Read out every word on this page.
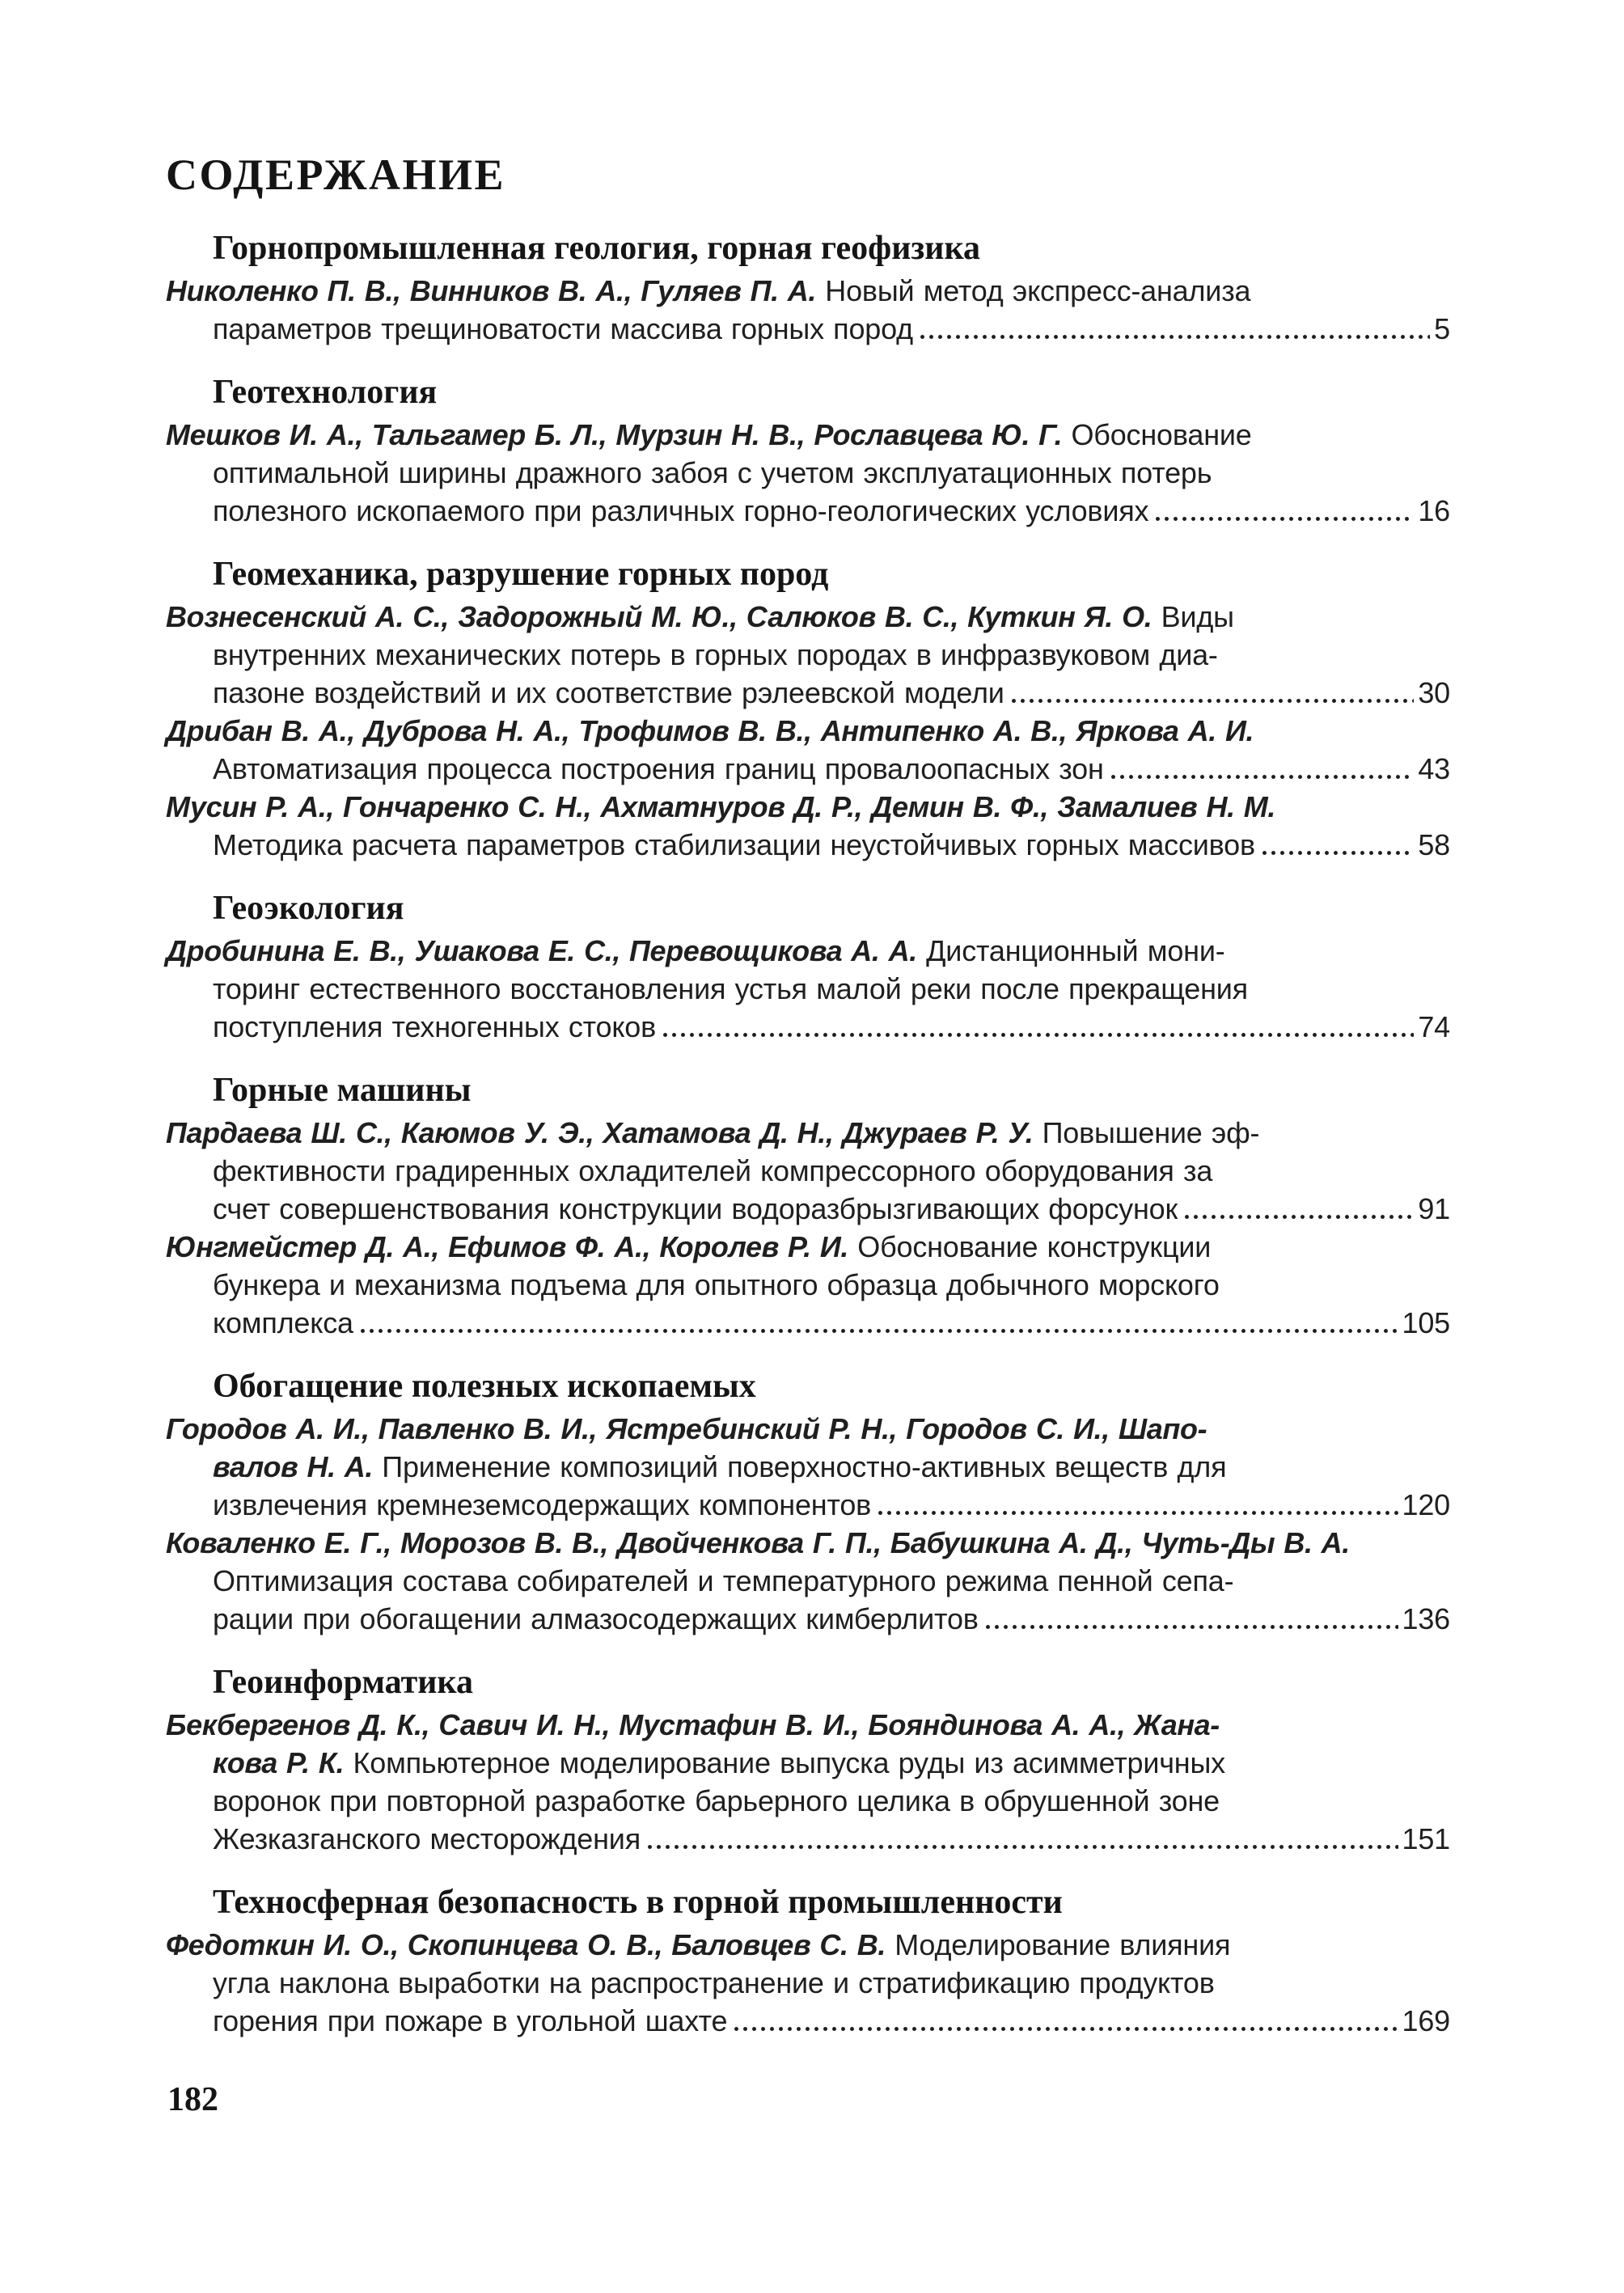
СОДЕРЖАНИЕ
Горнопромышленная геология, горная геофизика
Николенко П. В., Винников В. А., Гуляев П. А. Новый метод экспресс-анализа
параметров трещиноватости массива горных пород	5
Геотехнология
Мешков И. А., Тальгамер Б. Л., Мурзин Н. В., Рославцева Ю. Г. Обоснование
оптимальной ширины дражного забоя с учетом эксплуатационных потерь
полезного ископаемого при различных горно-геологических условиях	16
Геомеханика, разрушение горных пород
Вознесенский А. С., Задорожный М. Ю., Салюков В. С., Куткин Я. О. Виды
внутренних механических потерь в горных породах в инфразвуковом диа-
пазоне воздействий и их соответствие рэлеевской модели	30
Дрибан В. А., Дуброва Н. А., Трофимов В. В., Антипенко А. В., Яркова А. И.
Автоматизация процесса построения границ провалоопасных зон	43
Мусин Р. А., Гончаренко С. Н., Ахматнуров Д. Р., Демин В. Ф., Замалиев Н. М.
Методика расчета параметров стабилизации неустойчивых горных массивов	58
Геоэкология
Дробинина Е. В., Ушакова Е. С., Перевощикова А. А. Дистанционный мони-
торинг естественного восстановления устья малой реки после прекращения
поступления техногенных стоков	74
Горные машины
Пардаева Ш. С., Каюмов У. Э., Хатамова Д. Н., Джураев Р. У. Повышение эф-
фективности градиренных охладителей компрессорного оборудования за
счет совершенствования конструкции водоразбрызгивающих форсунок	91
Юнгмейстер Д. А., Ефимов Ф. А., Королев Р. И. Обоснование конструкции
бункера и механизма подъема для опытного образца добычного морского
комплекса	105
Обогащение полезных ископаемых
Городов А. И., Павленко В. И., Ястребинский Р. Н., Городов С. И., Шапо-
валов Н. А. Применение композиций поверхностно-активных веществ для
извлечения кремнеземсодержащих компонентов	120
Коваленко Е. Г., Морозов В. В., Двойченкова Г. П., Бабушкина А. Д., Чуть-Ды В. А.
Оптимизация состава собирателей и температурного режима пенной сепа-
рации при обогащении алмазосодержащих кимберлитов	136
Геоинформатика
Бекбергенов Д. К., Савич И. Н., Мустафин В. И., Бояндинова А. А., Жана-
кова Р. К. Компьютерное моделирование выпуска руды из асимметричных
воронок при повторной разработке барьерного целика в обрушенной зоне
Жезказганского месторождения	151
Техносферная безопасность в горной промышленности
Федоткин И. О., Скопинцева О. В., Баловцев С. В. Моделирование влияния
угла наклона выработки на распространение и стратификацию продуктов
горения при пожаре в угольной шахте	169
182
